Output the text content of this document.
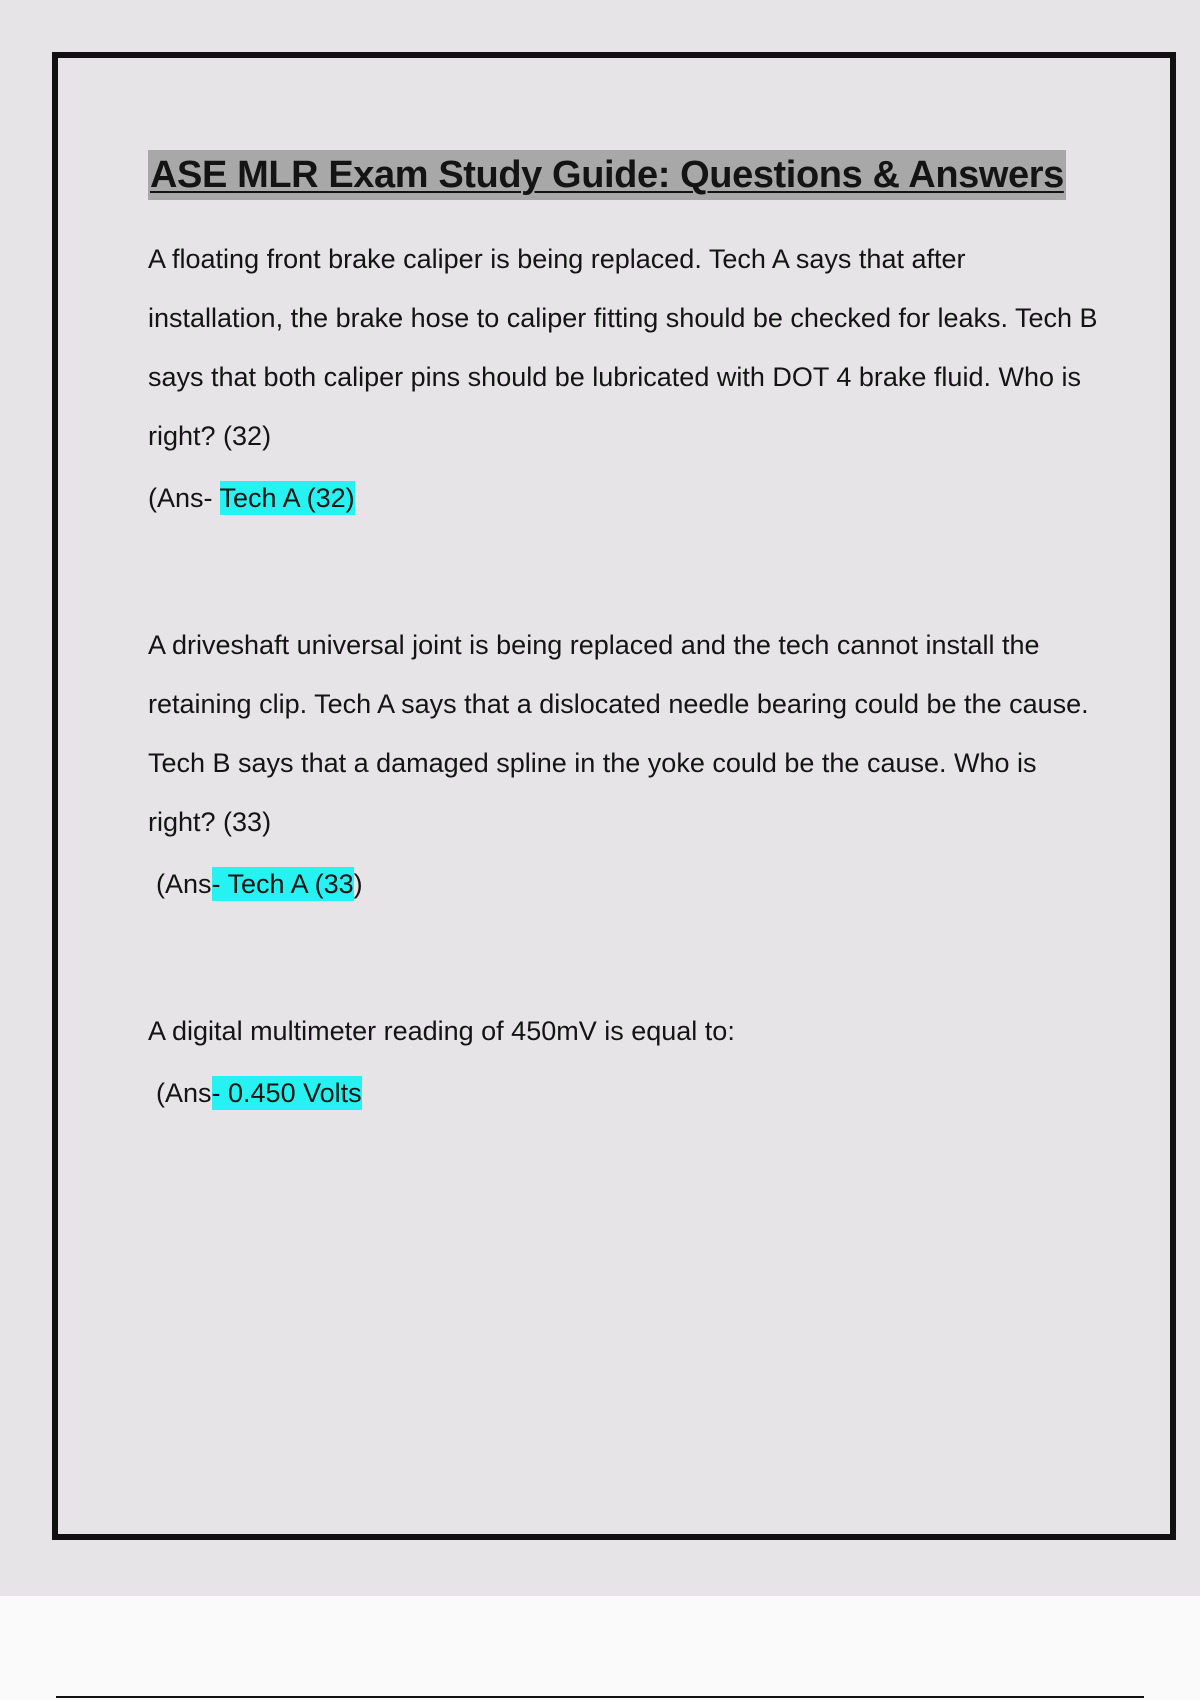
ASE MLR Exam Study Guide: Questions & Answers

A floating front brake caliper is being replaced. Tech A says that after installation, the brake hose to caliper fitting should be checked for leaks. Tech B says that both caliper pins should be lubricated with DOT 4 brake fluid. Who is right? (32)

(Ans- Tech A (32)

A driveshaft universal joint is being replaced and the tech cannot install the retaining clip. Tech A says that a dislocated needle bearing could be the cause. Tech B says that a damaged spline in the yoke could be the cause. Who is right? (33)

(Ans- Tech A (33)

A digital multimeter reading of 450mV is equal to:

(Ans- 0.450 Volts
